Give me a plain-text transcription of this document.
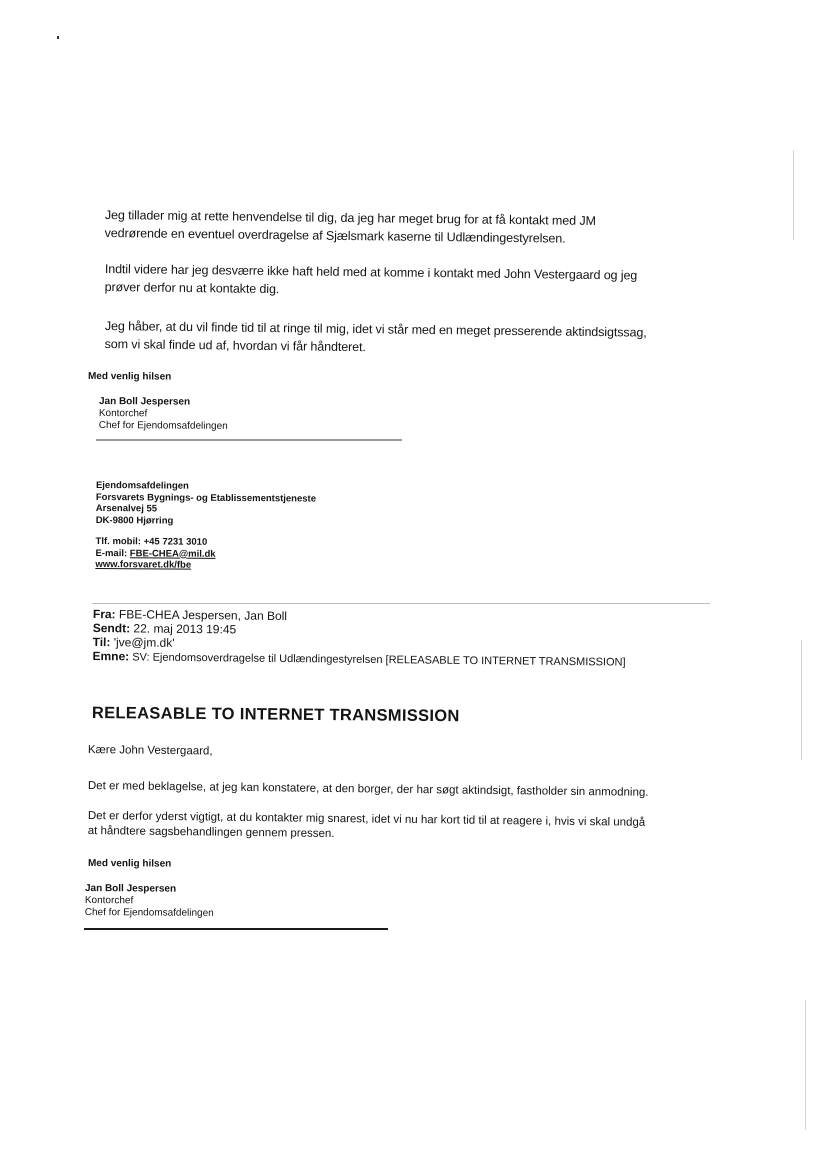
Jeg tillader mig at rette henvendelse til dig, da jeg har meget brug for at få kontakt med JM

vedrørende en eventuel overdragelse af Sjælsmark kaserne til Udlændingestyrelsen.

Indtil videre har jeg desværre ikke haft held med at komme i kontakt med John Vestergaard og jeg

prøver derfor nu at kontakte dig.

Jeg håber, at du vil finde tid til at ringe til mig, idet vi står med en meget presserende aktindsigtssag,

som vi skal finde ud af, hvordan vi får håndteret.

Med venlig hilsen
Jan Boll Jespersen
Kontorchef
Chef for Ejendomsafdelingen
Ejendomsafdelingen
Forsvarets Bygnings- og Etablissementstjeneste
Arsenalvej 55
DK-9800 Hjørring
Tlf. mobil: +45 7231 3010
E-mail: FBE-CHEA@mil.dk
www.forsvaret.dk/fbe
Fra: FBE-CHEA Jespersen, Jan Boll
Sendt: 22. maj 2013 19:45
Til: 'jve@jm.dk'
Emne: SV: Ejendomsoverdragelse til Udlændingestyrelsen [RELEASABLE TO INTERNET TRANSMISSION]
RELEASABLE TO INTERNET TRANSMISSION
Kære John Vestergaard,
Det er med beklagelse, at jeg kan konstatere, at den borger, der har søgt aktindsigt, fastholder sin anmodning.

Det er derfor yderst vigtigt, at du kontakter mig snarest, idet vi nu har kort tid til at reagere i, hvis vi skal undgå

at håndtere sagsbehandlingen gennem pressen.

Med venlig hilsen
Jan Boll Jespersen
Kontorchef
Chef for Ejendomsafdelingen
